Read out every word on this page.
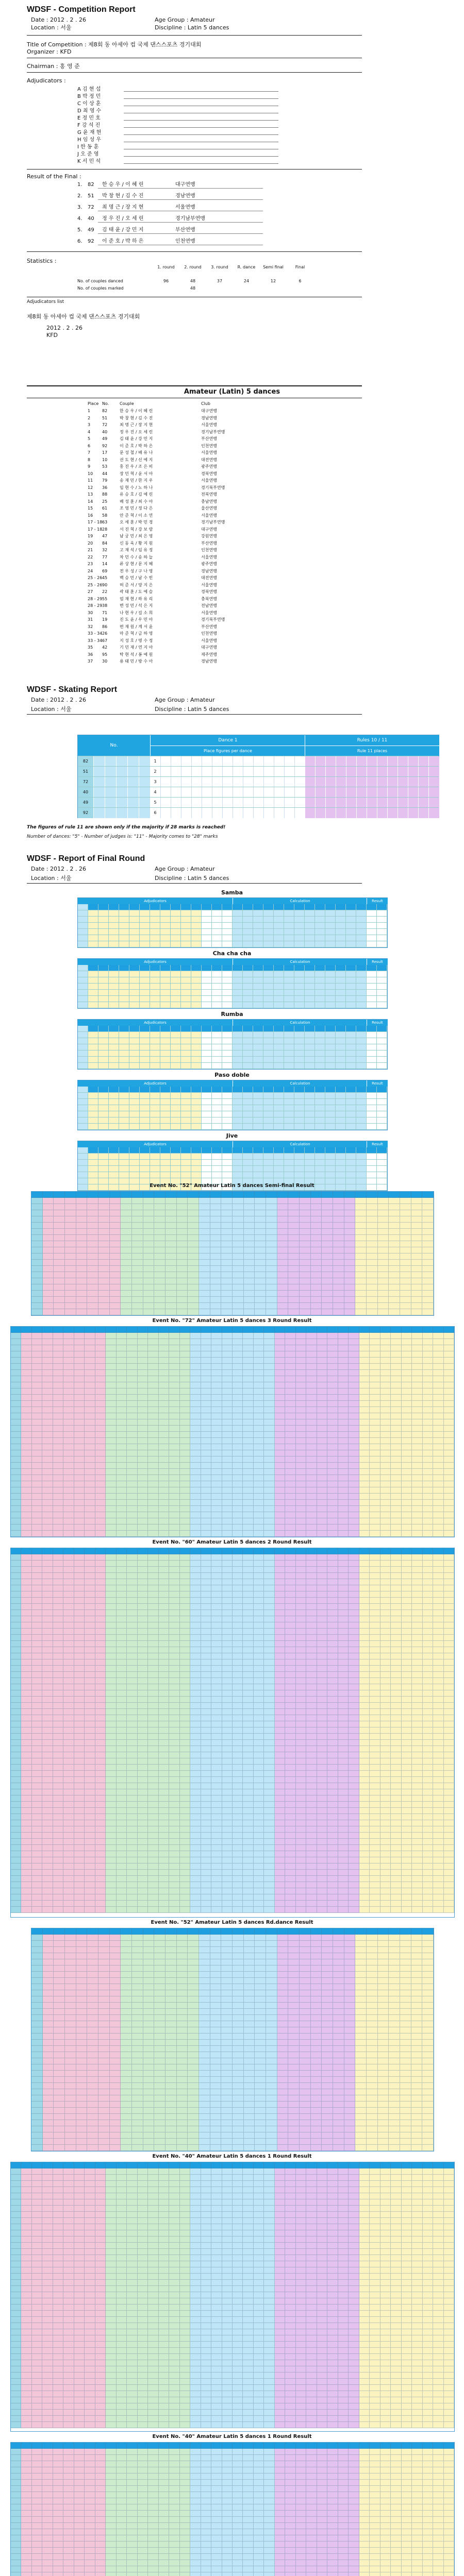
WDSF - Competition Report
Date : 2012 . 2 . 26	Age Group : Amateur
Location : 서울	Discipline : Latin 5 dances
Title of Competition : 제8회 동 아세아 컵 국제 댄스스포츠 경기대회
Organizer : KFD
Chairman : 홍 영 준
Adjudicators :
A 김 현 섭
B 박 정 민
C 이 상 훈
D 최 영 수
E 정 민 호
F 강 석 진
G 윤 재 현
H 임 성 우
I 한 동 훈
J 오 준 영
K 서 민 석
Result of the Final :
1. 82 한 승 우 / 이 혜 린	대구연맹
2. 51 박 창 현 / 김 수 진	경남연맹
3. 72 최 명 근 / 장 지 현	서울연맹
4. 40 정 우 진 / 오 세 린	경기남부연맹
5. 49 김 태 윤 / 강 민 지	부산연맹
6. 92 이 준 호 / 박 하 은	인천연맹
Statistics :
1. round	2. round	3. round	R. dance	Semi final	Final
No. of couples danced	96	48	37	24	12	6
No. of couples marked	48
Adjudicators list
제8회 동 아세아 컵 국제 댄스스포츠 경기대회
2012 . 2 . 26
KFD
Amateur (Latin) 5 dances
Place No.	Couple	Club
1	82	한 승 우 / 이 혜 린	대구연맹
2	51	박 창 현 / 김 수 진	경남연맹
3	72	최 명 근 / 장 지 현	서울연맹
4	40	정 우 진 / 오 세 린	경기남부연맹
5	49	김 태 윤 / 강 민 지	부산연맹
6	92	이 준 호 / 박 하 은	인천연맹
7	17	문 성 철 / 배 유 나	서울연맹
8	10	권 도 현 / 신 예 지	대전연맹
9	53	홍 진 우 / 조 은 비	광주연맹
10 44	장 민 혁 / 윤 서 아	경북연맹
11 79	송 재 민 / 한 지 우	서울연맹
12 36	임 현 수 / 노 하 나	경기북부연맹
13 88	유 승 호 / 김 예 린	전북연맹
14 25	배 성 훈 / 최 수 아	충남연맹
15 61	조 영 민 / 정 다 은	울산연맹
16 58	안 준 혁 / 이 소 연	서울연맹
17 - 18 63	오 세 훈 / 박 민 경	경기남부연맹
17 - 18 28	서 진 혁 / 강 보 람	대구연맹
19 47	남 궁 민 / 최 은 영	강원연맹
20 84	신 동 욱 / 황 지 원	부산연맹
21 32	고 재 석 / 임 유 정	인천연맹
22 77	차 민 수 / 송 하 늘	서울연맹
23 14	류 상 현 / 문 지 혜	광주연맹
24 69	전 우 성 / 구 나 영	경남연맹
25 - 26 45	백 승 민 / 남 수 빈	대전연맹
25 - 26 90	허 준 서 / 양 지 은	서울연맹
27 22	곽 태 훈 / 도 예 슬	경북연맹
28 - 29 55	엄 재 현 / 하 유 리	충북연맹
28 - 29 38	변 성 민 / 석 은 지	전남연맹
30 71	나 현 우 / 길 소 희	서울연맹
31 19	진 도 윤 / 우 민 아	경기북부연맹
32 86	편 재 원 / 계 서 윤	부산연맹
33 - 34 26	마 준 혁 / 금 하 영	인천연맹
33 - 34 67	지 성 호 / 명 수 정	서울연맹
35 42	기 민 재 / 연 지 아	대구연맹
36 95	탁 현 석 / 봉 예 원	제주연맹
37 30	용 태 민 / 방 수 아	경남연맹
WDSF - Skating Report
Date : 2012 . 2 . 26	Age Group : Amateur
Location : 서울	Discipline : Latin 5 dances
No.
Dance 1
Place figures per dance
Rules 10 / 11
Rule 11 places
82	1
51	2
72	3
40	4
49	5
92	6
The figures of rule 11 are shown only if the majority if 28 marks is reached!
Number of dances: "5" - Number of judges is: "11" - Majority comes to "28" marks
WDSF - Report of Final Round
Date : 2012 . 2 . 26	Age Group : Amateur
Location : 서울	Discipline : Latin 5 dances
Samba
Adjudicators	Calculation	Result
Cha cha cha
Adjudicators	Calculation	Result
Rumba
Adjudicators	Calculation	Result
Paso doble
Adjudicators	Calculation	Result
Jive
Adjudicators	Calculation	Result
Event No. "52" Amateur Latin 5 dances Semi-final Result
Event No. "72" Amateur Latin 5 dances 3 Round Result
Event No. "60" Amateur Latin 5 dances 2 Round Result
Event No. "52" Amateur Latin 5 dances Rd.dance Result
Event No. "40" Amateur Latin 5 dances 1 Round Result
Event No. "40" Amateur Latin 5 dances 1 Round Result
